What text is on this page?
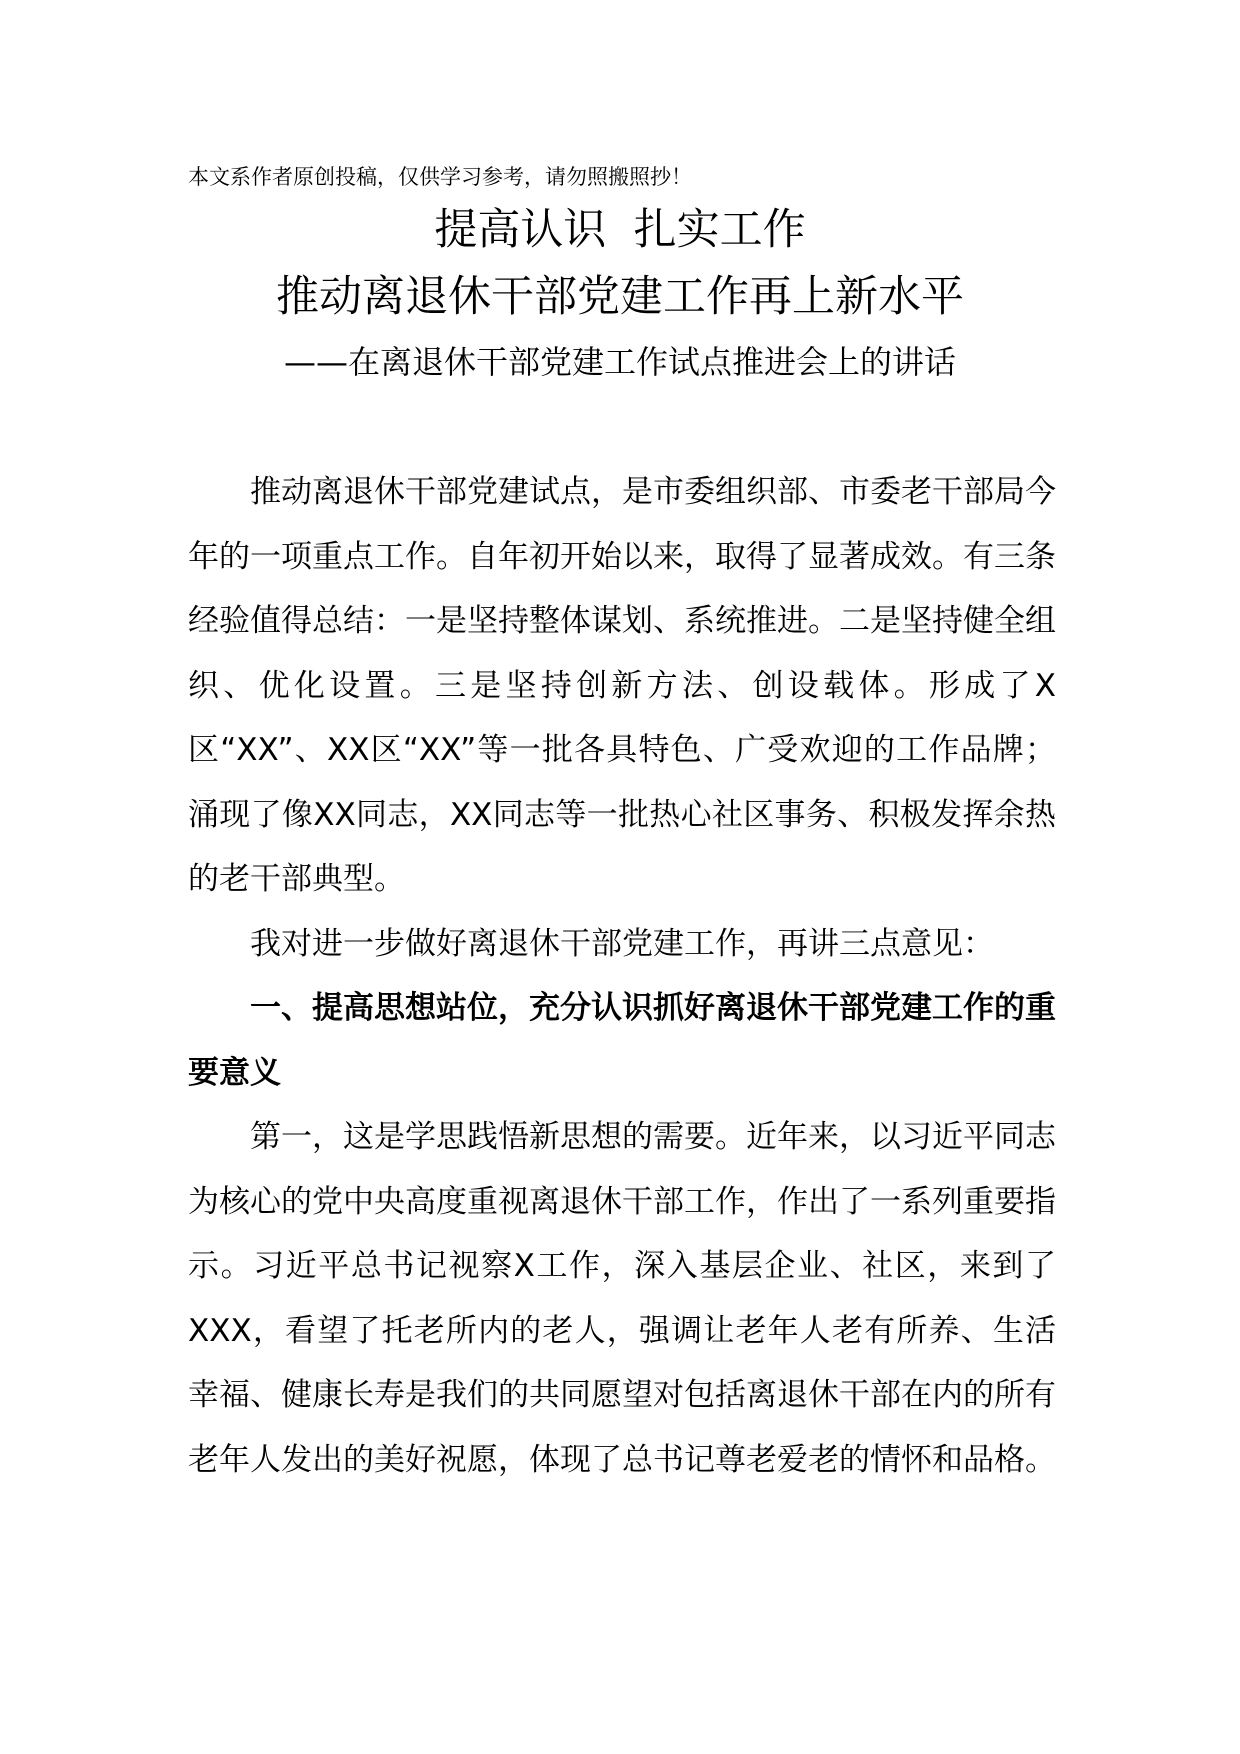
本文系作者原创投稿，仅供学习参考，请勿照搬照抄！
提高认识  扎实工作
推动离退休干部党建工作再上新水平
——在离退休干部党建工作试点推进会上的讲话

推动离退休干部党建试点，是市委组织部、市委老干部局今年的一项重点工作。自年初开始以来，取得了显著成效。有三条经验值得总结：一是坚持整体谋划、系统推进。二是坚持健全组织、优化设置。三是坚持创新方法、创设载体。形成了X区“XX”、XX区“XX”等一批各具特色、广受欢迎的工作品牌；涌现了像XX同志，XX同志等一批热心社区事务、积极发挥余热的老干部典型。

我对进一步做好离退休干部党建工作，再讲三点意见：

一、提高思想站位，充分认识抓好离退休干部党建工作的重要意义

第一，这是学思践悟新思想的需要。近年来，以习近平同志为核心的党中央高度重视离退休干部工作，作出了一系列重要指示。习近平总书记视察X工作，深入基层企业、社区，来到了XXX，看望了托老所内的老人，强调让老年人老有所养、生活幸福、健康长寿是我们的共同愿望对包括离退休干部在内的所有老年人发出的美好祝愿，体现了总书记尊老爱老的情怀和品格。
